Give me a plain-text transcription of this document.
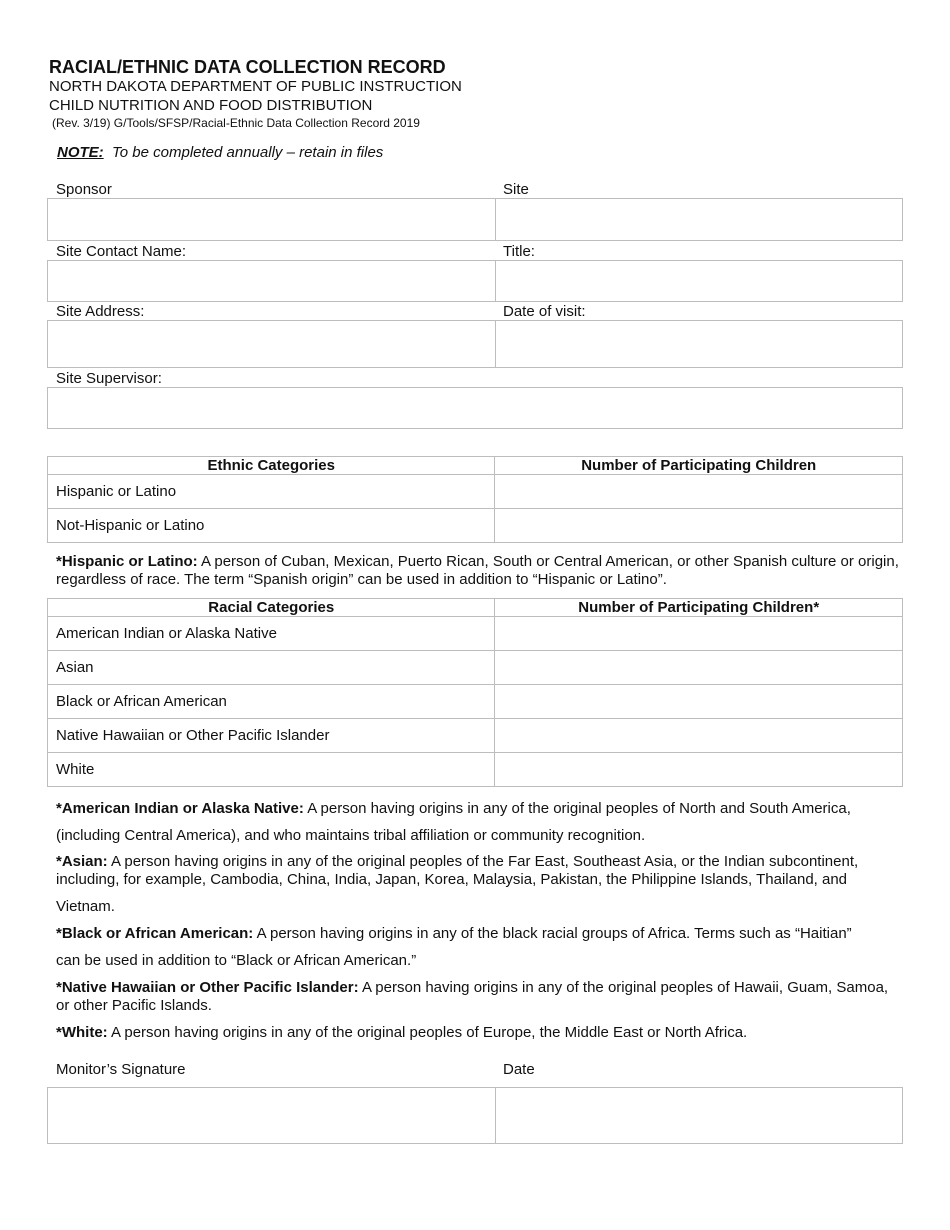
RACIAL/ETHNIC DATA COLLECTION RECORD
NORTH DAKOTA DEPARTMENT OF PUBLIC INSTRUCTION
CHILD NUTRITION AND FOOD DISTRIBUTION
(Rev. 3/19) G/Tools/SFSP/Racial-Ethnic Data Collection Record 2019
NOTE: To be completed annually – retain in files
Sponsor	Site
Site Contact Name:	Title:
Site Address:	Date of visit:
Site Supervisor:
Ethnic Categories	Number of Participating Children
Hispanic or Latino	
Not-Hispanic or Latino	
*Hispanic or Latino: A person of Cuban, Mexican, Puerto Rican, South or Central American, or other Spanish culture or origin, regardless of race. The term “Spanish origin” can be used in addition to “Hispanic or Latino”.
Racial Categories	Number of Participating Children*
American Indian or Alaska Native	
Asian	
Black or African American	
Native Hawaiian or Other Pacific Islander	
White	
*American Indian or Alaska Native: A person having origins in any of the original peoples of North and South America,
(including Central America), and who maintains tribal affiliation or community recognition.
*Asian: A person having origins in any of the original peoples of the Far East, Southeast Asia, or the Indian subcontinent, including, for example, Cambodia, China, India, Japan, Korea, Malaysia, Pakistan, the Philippine Islands, Thailand, and
Vietnam.
*Black or African American: A person having origins in any of the black racial groups of Africa. Terms such as “Haitian”
can be used in addition to “Black or African American.”
*Native Hawaiian or Other Pacific Islander: A person having origins in any of the original peoples of Hawaii, Guam, Samoa, or other Pacific Islands.
*White: A person having origins in any of the original peoples of Europe, the Middle East or North Africa.
Monitor’s Signature	Date
